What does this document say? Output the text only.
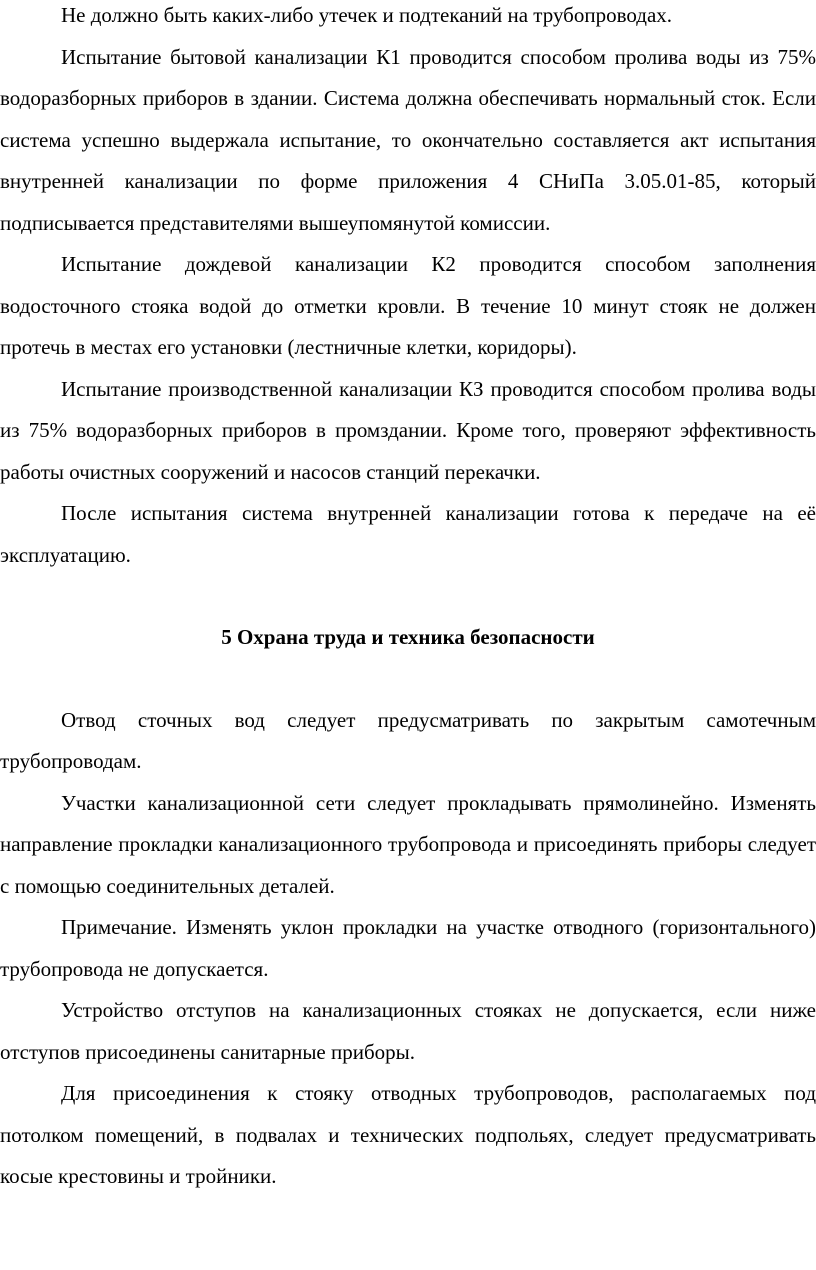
Не должно быть каких-либо утечек и подтеканий на трубопроводах.

Испытание бытовой канализации К1 проводится способом пролива воды из 75% водоразборных приборов в здании. Система должна обеспечивать нормальный сток. Если система успешно выдержала испытание, то окончательно составляется акт испытания внутренней канализации по форме приложения 4 СНиПа 3.05.01-85, который подписывается представителями вышеупомянутой комиссии.

Испытание дождевой канализации К2 проводится способом заполнения водосточного стояка водой до отметки кровли. В течение 10 минут стояк не должен протечь в местах его установки (лестничные клетки, коридоры).

Испытание производственной канализации КЗ проводится способом пролива воды из 75% водоразборных приборов в промздании. Кроме того, проверяют эффективность работы очистных сооружений и насосов станций перекачки.

После испытания система внутренней канализации готова к передаче на её эксплуатацию.

5 Охрана труда и техника безопасности

Отвод сточных вод следует предусматривать по закрытым самотечным трубопроводам.

Участки канализационной сети следует прокладывать прямолинейно. Изменять направление прокладки канализационного трубопровода и присоединять приборы следует с помощью соединительных деталей.

Примечание. Изменять уклон прокладки на участке отводного (горизонтального) трубопровода не допускается.

Устройство отступов на канализационных стояках не допускается, если ниже отступов присоединены санитарные приборы.

Для присоединения к стояку отводных трубопроводов, располагаемых под потолком помещений, в подвалах и технических подпольях, следует предусматривать косые крестовины и тройники.
